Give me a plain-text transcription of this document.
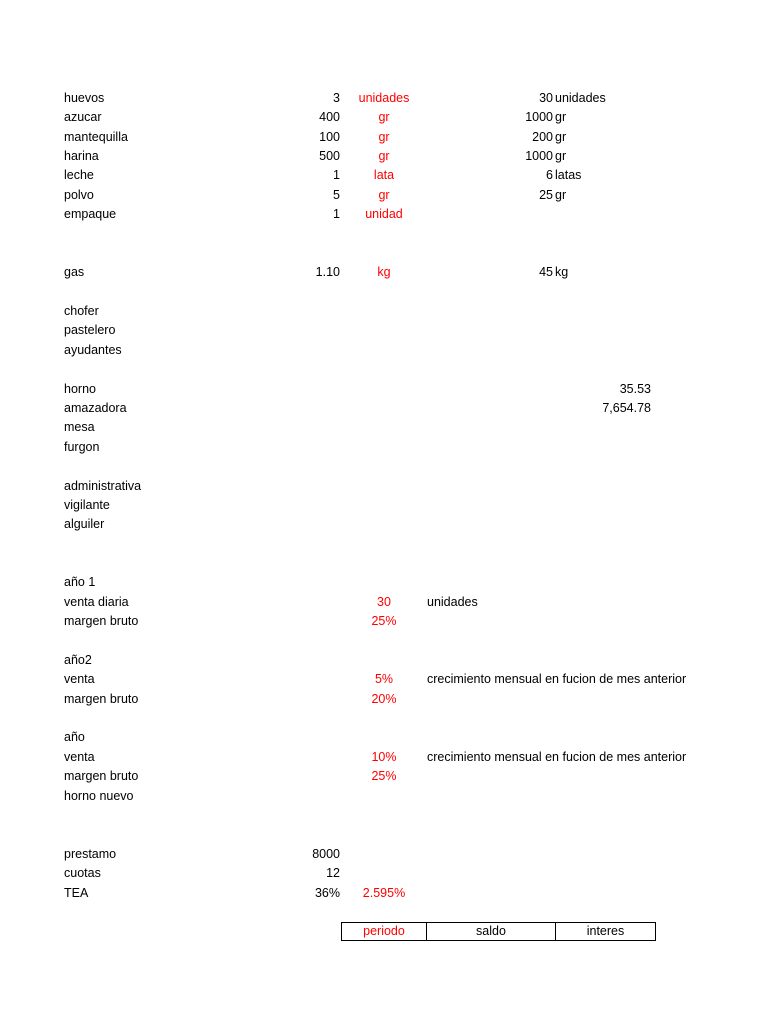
huevos	3	unidades	30 unidades
azucar	400	gr	1000 gr
mantequilla	100	gr	200 gr
harina	500	gr	1000 gr
leche	1	lata	6 latas
polvo	5	gr	25 gr
empaque	1	unidad
gas	1.10	kg	45 kg
chofer
pastelero
ayudantes
horno	35.53
amazadora	7,654.78
mesa
furgon
administrativa
vigilante
alguiler
año 1
venta diaria	30	unidades
margen bruto	25%
año2
venta	5%	crecimiento mensual en fucion de mes anterior
margen bruto	20%
año
venta	10%	crecimiento mensual en fucion de mes anterior
margen bruto	25%
horno nuevo
prestamo	8000
cuotas	12
TEA	36%	2.595%
periodo	saldo	interes
